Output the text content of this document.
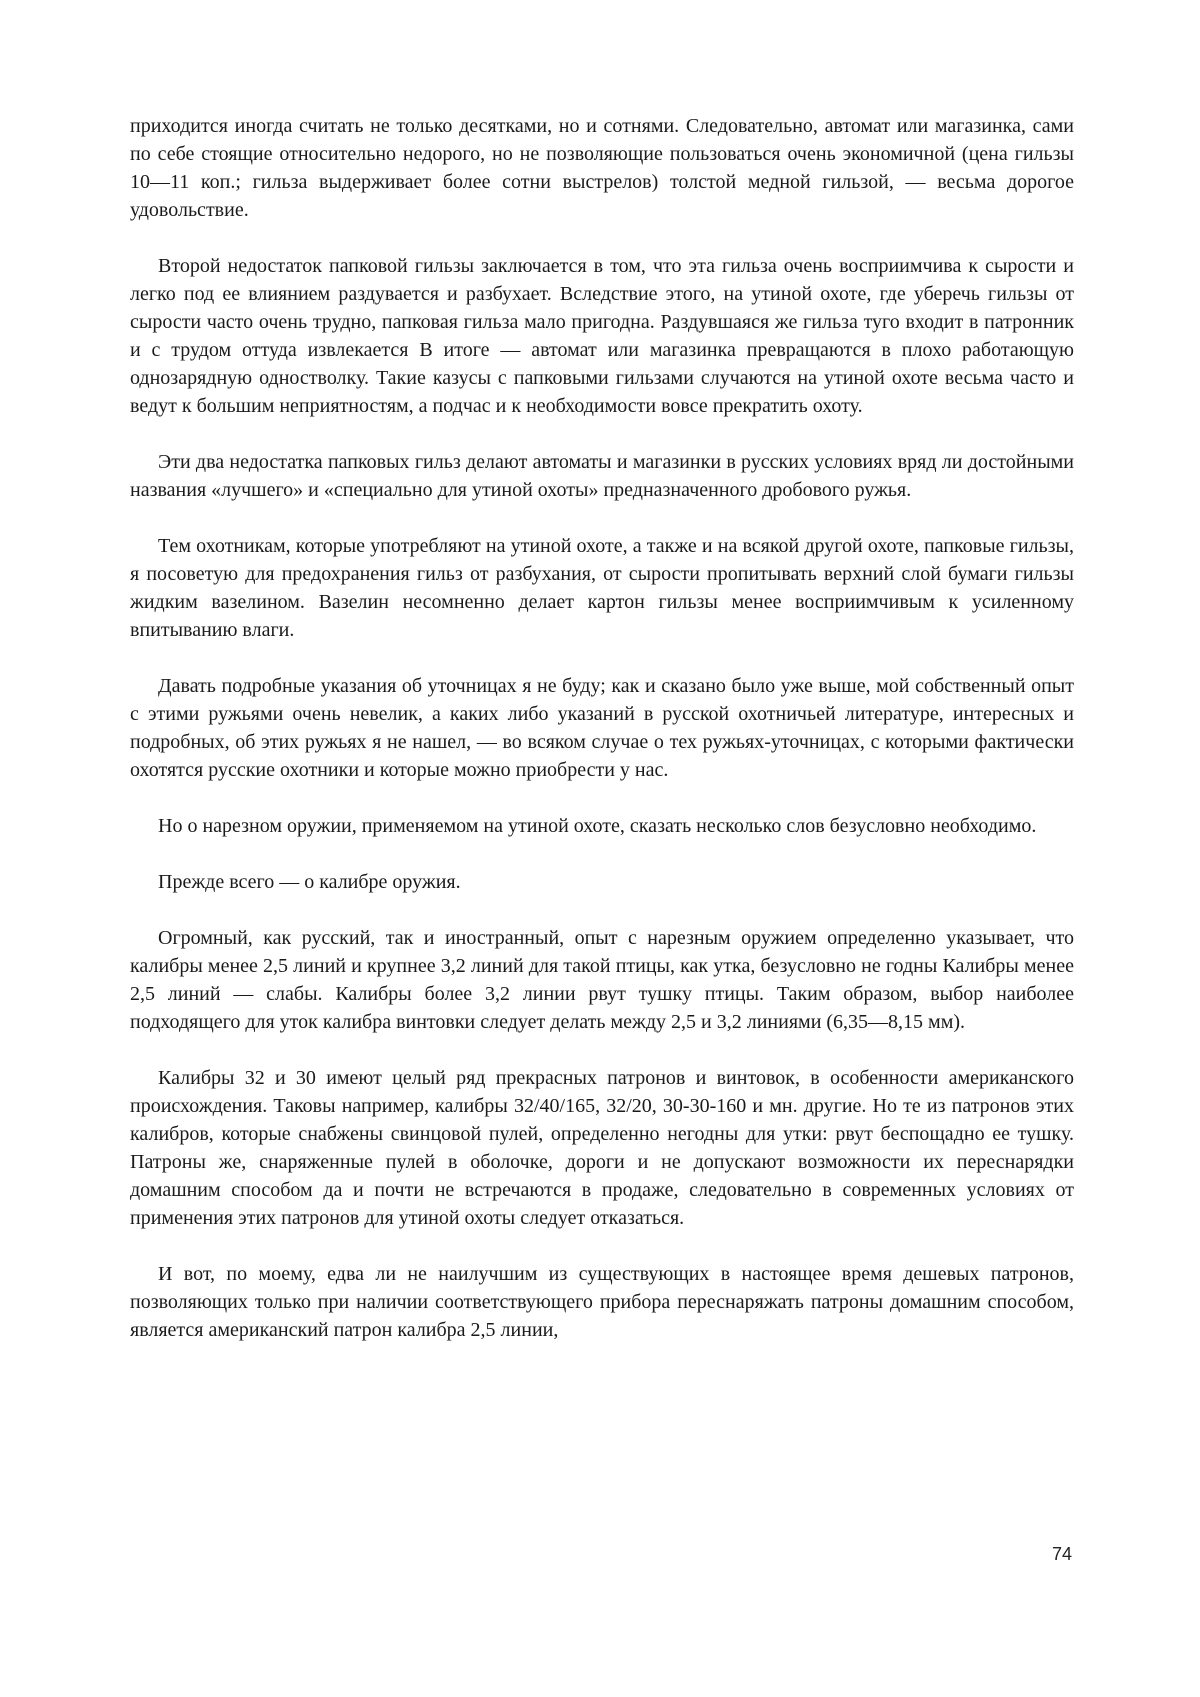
приходится иногда считать не только десятками, но и сотнями. Следовательно, автомат или магазинка, сами по себе стоящие относительно недорого, но не позволяющие пользоваться очень экономичной (цена гильзы 10—11 коп.; гильза выдерживает более сотни выстрелов) толстой медной гильзой, — весьма дорогое удовольствие.

Второй недостаток папковой гильзы заключается в том, что эта гильза очень восприимчива к сырости и легко под ее влиянием раздувается и разбухает. Вследствие этого, на утиной охоте, где уберечь гильзы от сырости часто очень трудно, папковая гильза мало пригодна. Раздувшаяся же гильза туго входит в патронник и с трудом оттуда извлекается В итоге — автомат или магазинка превращаются в плохо работающую однозарядную одностволку. Такие казусы с папковыми гильзами случаются на утиной охоте весьма часто и ведут к большим неприятностям, а подчас и к необходимости вовсе прекратить охоту.

Эти два недостатка папковых гильз делают автоматы и магазинки в русских условиях вряд ли достойными названия «лучшего» и «специально для утиной охоты» предназначенного дробового ружья.

Тем охотникам, которые употребляют на утиной охоте, а также и на всякой другой охоте, папковые гильзы, я посоветую для предохранения гильз от разбухания, от сырости пропитывать верхний слой бумаги гильзы жидким вазелином. Вазелин несомненно делает картон гильзы менее восприимчивым к усиленному впитыванию влаги.

Давать подробные указания об уточницах я не буду; как и сказано было уже выше, мой собственный опыт с этими ружьями очень невелик, а каких либо указаний в русской охотничьей литературе, интересных и подробных, об этих ружьях я не нашел, — во всяком случае о тех ружьях-уточницах, с которыми фактически охотятся русские охотники и которые можно приобрести у нас.

Но о нарезном оружии, применяемом на утиной охоте, сказать несколько слов безусловно необходимо.

Прежде всего — о калибре оружия.

Огромный, как русский, так и иностранный, опыт с нарезным оружием определенно указывает, что калибры менее 2,5 линий и крупнее 3,2 линий для такой птицы, как утка, безусловно не годны Калибры менее 2,5 линий — слабы. Калибры более 3,2 линии рвут тушку птицы. Таким образом, выбор наиболее подходящего для уток калибра винтовки следует делать между 2,5 и 3,2 линиями (6,35—8,15 мм).

Калибры 32 и 30 имеют целый ряд прекрасных патронов и винтовок, в особенности американского происхождения. Таковы например, калибры 32/40/165, 32/20, 30-30-160 и мн. другие. Но те из патронов этих калибров, которые снабжены свинцовой пулей, определенно негодны для утки: рвут беспощадно ее тушку. Патроны же, снаряженные пулей в оболочке, дороги и не допускают возможности их переснарядки домашним способом да и почти не встречаются в продаже, следовательно в современных условиях от применения этих патронов для утиной охоты следует отказаться.

И вот, по моему, едва ли не наилучшим из существующих в настоящее время дешевых патронов, позволяющих только при наличии соответствующего прибора переснаряжать патроны домашним способом, является американский патрон калибра 2,5 линии,

74
